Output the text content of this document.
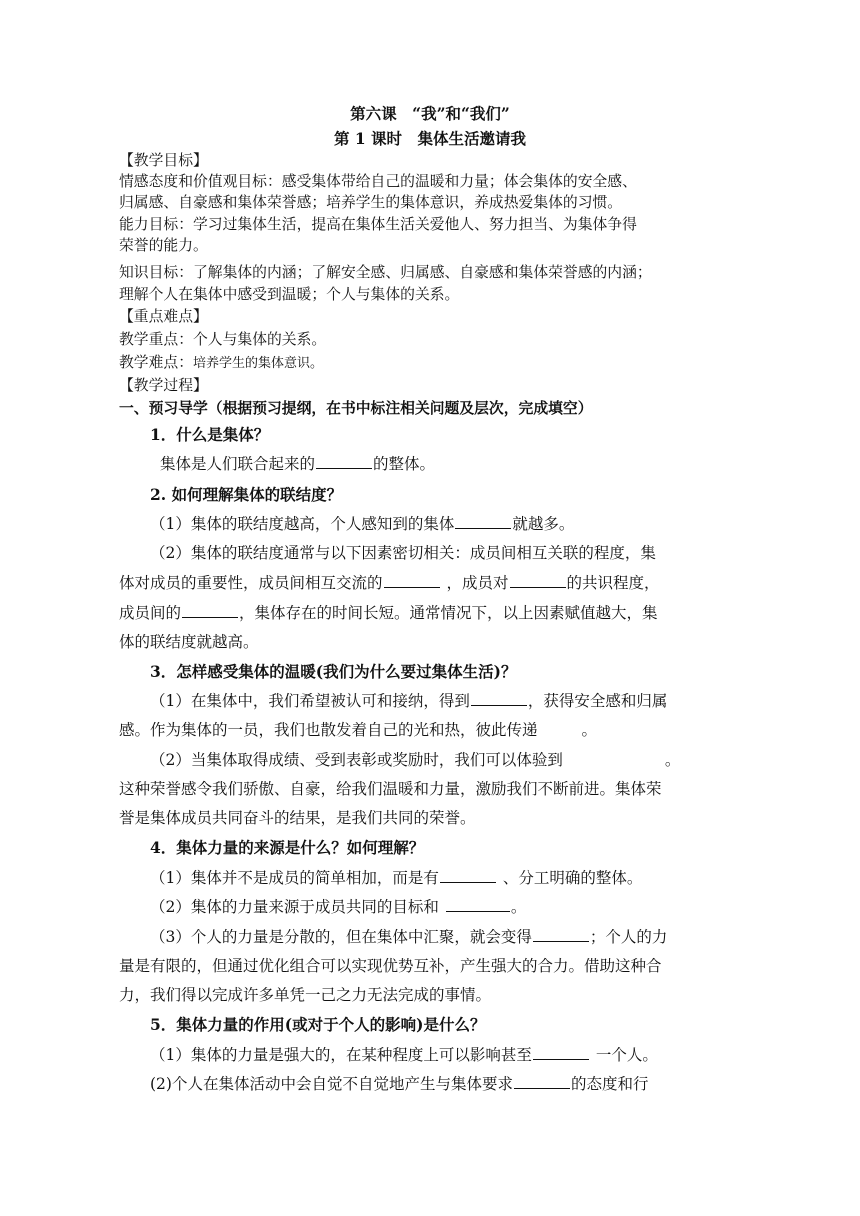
第六课　“我”和“我们”
第 1 课时　集体生活邀请我
【教学目标】
情感态度和价值观目标：感受集体带给自己的温暖和力量；体会集体的安全感、
归属感、自豪感和集体荣誉感；培养学生的集体意识，养成热爱集体的习惯。
能力目标：学习过集体生活，提高在集体生活关爱他人、努力担当、为集体争得
荣誉的能力。
知识目标：了解集体的内涵；了解安全感、归属感、自豪感和集体荣誉感的内涵；
理解个人在集体中感受到温暖；个人与集体的关系。
【重点难点】
教学重点：个人与集体的关系。
教学难点：培养学生的集体意识。
【教学过程】
一、预习导学（根据预习提纲，在书中标注相关问题及层次，完成填空）
1．什么是集体？
集体是人们联合起来的	的整体。
2. 如何理解集体的联结度？
（1）集体的联结度越高，个人感知到的集体	就越多。
（2）集体的联结度通常与以下因素密切相关：成员间相互关联的程度，集
体对成员的重要性，成员间相互交流的	，成员对	的共识程度，
成员间的	，集体存在的时间长短。通常情况下，以上因素赋值越大，集
体的联结度就越高。
3．怎样感受集体的温暖(我们为什么要过集体生活)？
（1）在集体中，我们希望被认可和接纳，得到	，获得安全感和归属
感。作为集体的一员，我们也散发着自己的光和热，彼此传递	。
（2）当集体取得成绩、受到表彰或奖励时，我们可以体验到	。
这种荣誉感令我们骄傲、自豪，给我们温暖和力量，激励我们不断前进。集体荣
誉是集体成员共同奋斗的结果，是我们共同的荣誉。
4．集体力量的来源是什么？如何理解？
（1）集体并不是成员的简单相加，而是有	、分工明确的整体。
（2）集体的力量来源于成员共同的目标和	。
（3）个人的力量是分散的，但在集体中汇聚，就会变得	；个人的力
量是有限的，但通过优化组合可以实现优势互补，产生强大的合力。借助这种合
力，我们得以完成许多单凭一己之力无法完成的事情。
5．集体力量的作用(或对于个人的影响)是什么？
（1）集体的力量是强大的，在某种程度上可以影响甚至	一个人。
(2)个人在集体活动中会自觉不自觉地产生与集体要求	的态度和行
